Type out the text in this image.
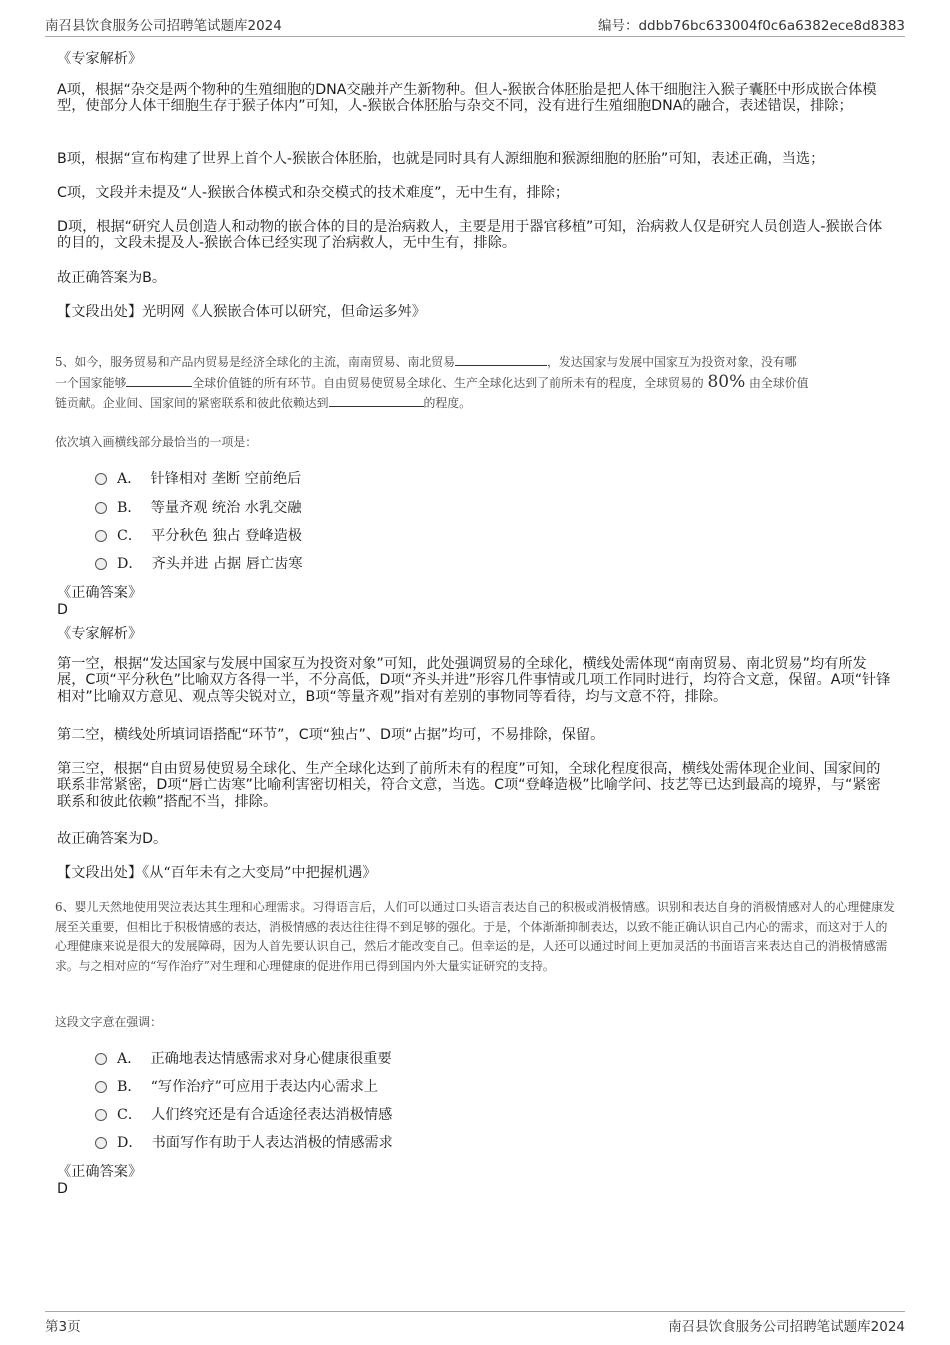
南召县饮食服务公司招聘笔试题库2024	编号：ddbb76bc633004f0c6a6382ece8d8383
《专家解析》
A项，根据“杂交是两个物种的生殖细胞的DNA交融并产生新物种。但人-猴嵌合体胚胎是把人体干细胞注入猴子囊胚中形成嵌合体模型，使部分人体干细胞生存于猴子体内”可知，人-猴嵌合体胚胎与杂交不同，没有进行生殖细胞DNA的融合，表述错误，排除；
B项，根据“宣布构建了世界上首个人-猴嵌合体胚胎，也就是同时具有人源细胞和猴源细胞的胚胎”可知，表述正确，当选；
C项，文段并未提及“人-猴嵌合体模式和杂交模式的技术难度”，无中生有，排除；
D项，根据“研究人员创造人和动物的嵌合体的目的是治病救人，主要是用于器官移植”可知，治病救人仅是研究人员创造人-猴嵌合体的目的，文段未提及人-猴嵌合体已经实现了治病救人，无中生有，排除。
故正确答案为B。
【文段出处】光明网《人猴嵌合体可以研究，但命运多舛》
5、如今，服务贸易和产品内贸易是经济全球化的主流，南南贸易、南北贸易	，发达国家与发展中国家互为投资对象，没有哪
一个国家能够	全球价值链的所有环节。自由贸易使贸易全球化、生产全球化达到了前所未有的程度，全球贸易的 80% 由全球价值
链贡献。企业间、国家间的紧密联系和彼此依赖达到	的程度。
依次填入画横线部分最恰当的一项是：
A． 针锋相对 垄断 空前绝后
B． 等量齐观 统治 水乳交融
C． 平分秋色 独占 登峰造极
D． 齐头并进 占据 唇亡齿寒
《正确答案》
D
《专家解析》
第一空，根据“发达国家与发展中国家互为投资对象”可知，此处强调贸易的全球化，横线处需体现“南南贸易、南北贸易”均有所发展，C项“平分秋色”比喻双方各得一半，不分高低，D项“齐头并进”形容几件事情或几项工作同时进行，均符合文意，保留。A项“针锋相对”比喻双方意见、观点等尖锐对立，B项“等量齐观”指对有差别的事物同等看待，均与文意不符，排除。
第二空，横线处所填词语搭配“环节”，C项“独占”、D项“占据”均可，不易排除，保留。
第三空，根据“自由贸易使贸易全球化、生产全球化达到了前所未有的程度”可知，全球化程度很高，横线处需体现企业间、国家间的联系非常紧密，D项“唇亡齿寒”比喻利害密切相关，符合文意，当选。C项“登峰造极”比喻学问、技艺等已达到最高的境界，与“紧密联系和彼此依赖”搭配不当，排除。
故正确答案为D。
【文段出处】《从“百年未有之大变局”中把握机遇》
6、婴儿天然地使用哭泣表达其生理和心理需求。习得语言后，人们可以通过口头语言表达自己的积极或消极情感。识别和表达自身的消极情感对人的心理健康发展至关重要，但相比于积极情感的表达，消极情感的表达往往得不到足够的强化。于是，个体渐渐抑制表达，以致不能正确认识自己内心的需求，而这对于人的心理健康来说是很大的发展障碍，因为人首先要认识自己，然后才能改变自己。但幸运的是，人还可以通过时间上更加灵活的书面语言来表达自己的消极情感需求。与之相对应的“写作治疗”对生理和心理健康的促进作用已得到国内外大量实证研究的支持。
这段文字意在强调：
A． 正确地表达情感需求对身心健康很重要
B． “写作治疗”可应用于表达内心需求上
C． 人们终究还是有合适途径表达消极情感
D． 书面写作有助于人表达消极的情感需求
《正确答案》
D
第3页	南召县饮食服务公司招聘笔试题库2024
